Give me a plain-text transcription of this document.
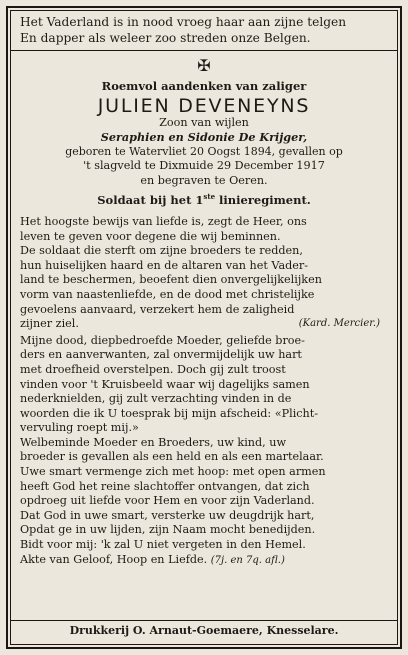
Het Vaderland is in nood vroeg haar aan zijne telgen
En dapper als weleer zoo streden onze Belgen.
✠
Roemvol aandenken van zaliger
JULIEN DEVENEYNS
Zoon van wijlen
Seraphien en Sidonie De Krijger,
geboren te Watervliet 20 Oogst 1894, gevallen op
't slagveld te Dixmuide 29 December 1917
en begraven te Oeren.
Soldaat bij het 1ste linieregiment.
Het hoogste bewijs van liefde is, zegt de Heer, ons
leven te geven voor degene die wij beminnen.
De soldaat die sterft om zijne broeders te redden,
hun huiselijken haard en de altaren van het Vader-
land te beschermen, beoefent dien onvergelijkelijken
vorm van naastenliefde, en de dood met christelijke
gevoelens aanvaard, verzekert hem de zaligheid
zijner ziel.	(Kard. Mercier.)
Mijne dood, diepbedroefde Moeder, geliefde broe-
ders en aanverwanten, zal onvermijdelijk uw hart
met droefheid overstelpen. Doch gij zult troost
vinden voor 't Kruisbeeld waar wij dagelijks samen
nederknielden, gij zult verzachting vinden in de
woorden die ik U toesprak bij mijn afscheid: «Plicht-
vervuling roept mij.»
Welbeminde Moeder en Broeders, uw kind, uw
broeder is gevallen als een held en als een martelaar.
Uwe smart vermenge zich met hoop: met open armen
heeft God het reine slachtoffer ontvangen, dat zich
opdroeg uit liefde voor Hem en voor zijn Vaderland.
Dat God in uwe smart, versterke uw deugdrijk hart,
Opdat ge in uw lijden, zijn Naam mocht benedijden.
Bidt voor mij: 'k zal U niet vergeten in den Hemel.
Akte van Geloof, Hoop en Liefde. (7j. en 7q. afl.)
Drukkerij O. Arnaut-Goemaere, Knesselare.
